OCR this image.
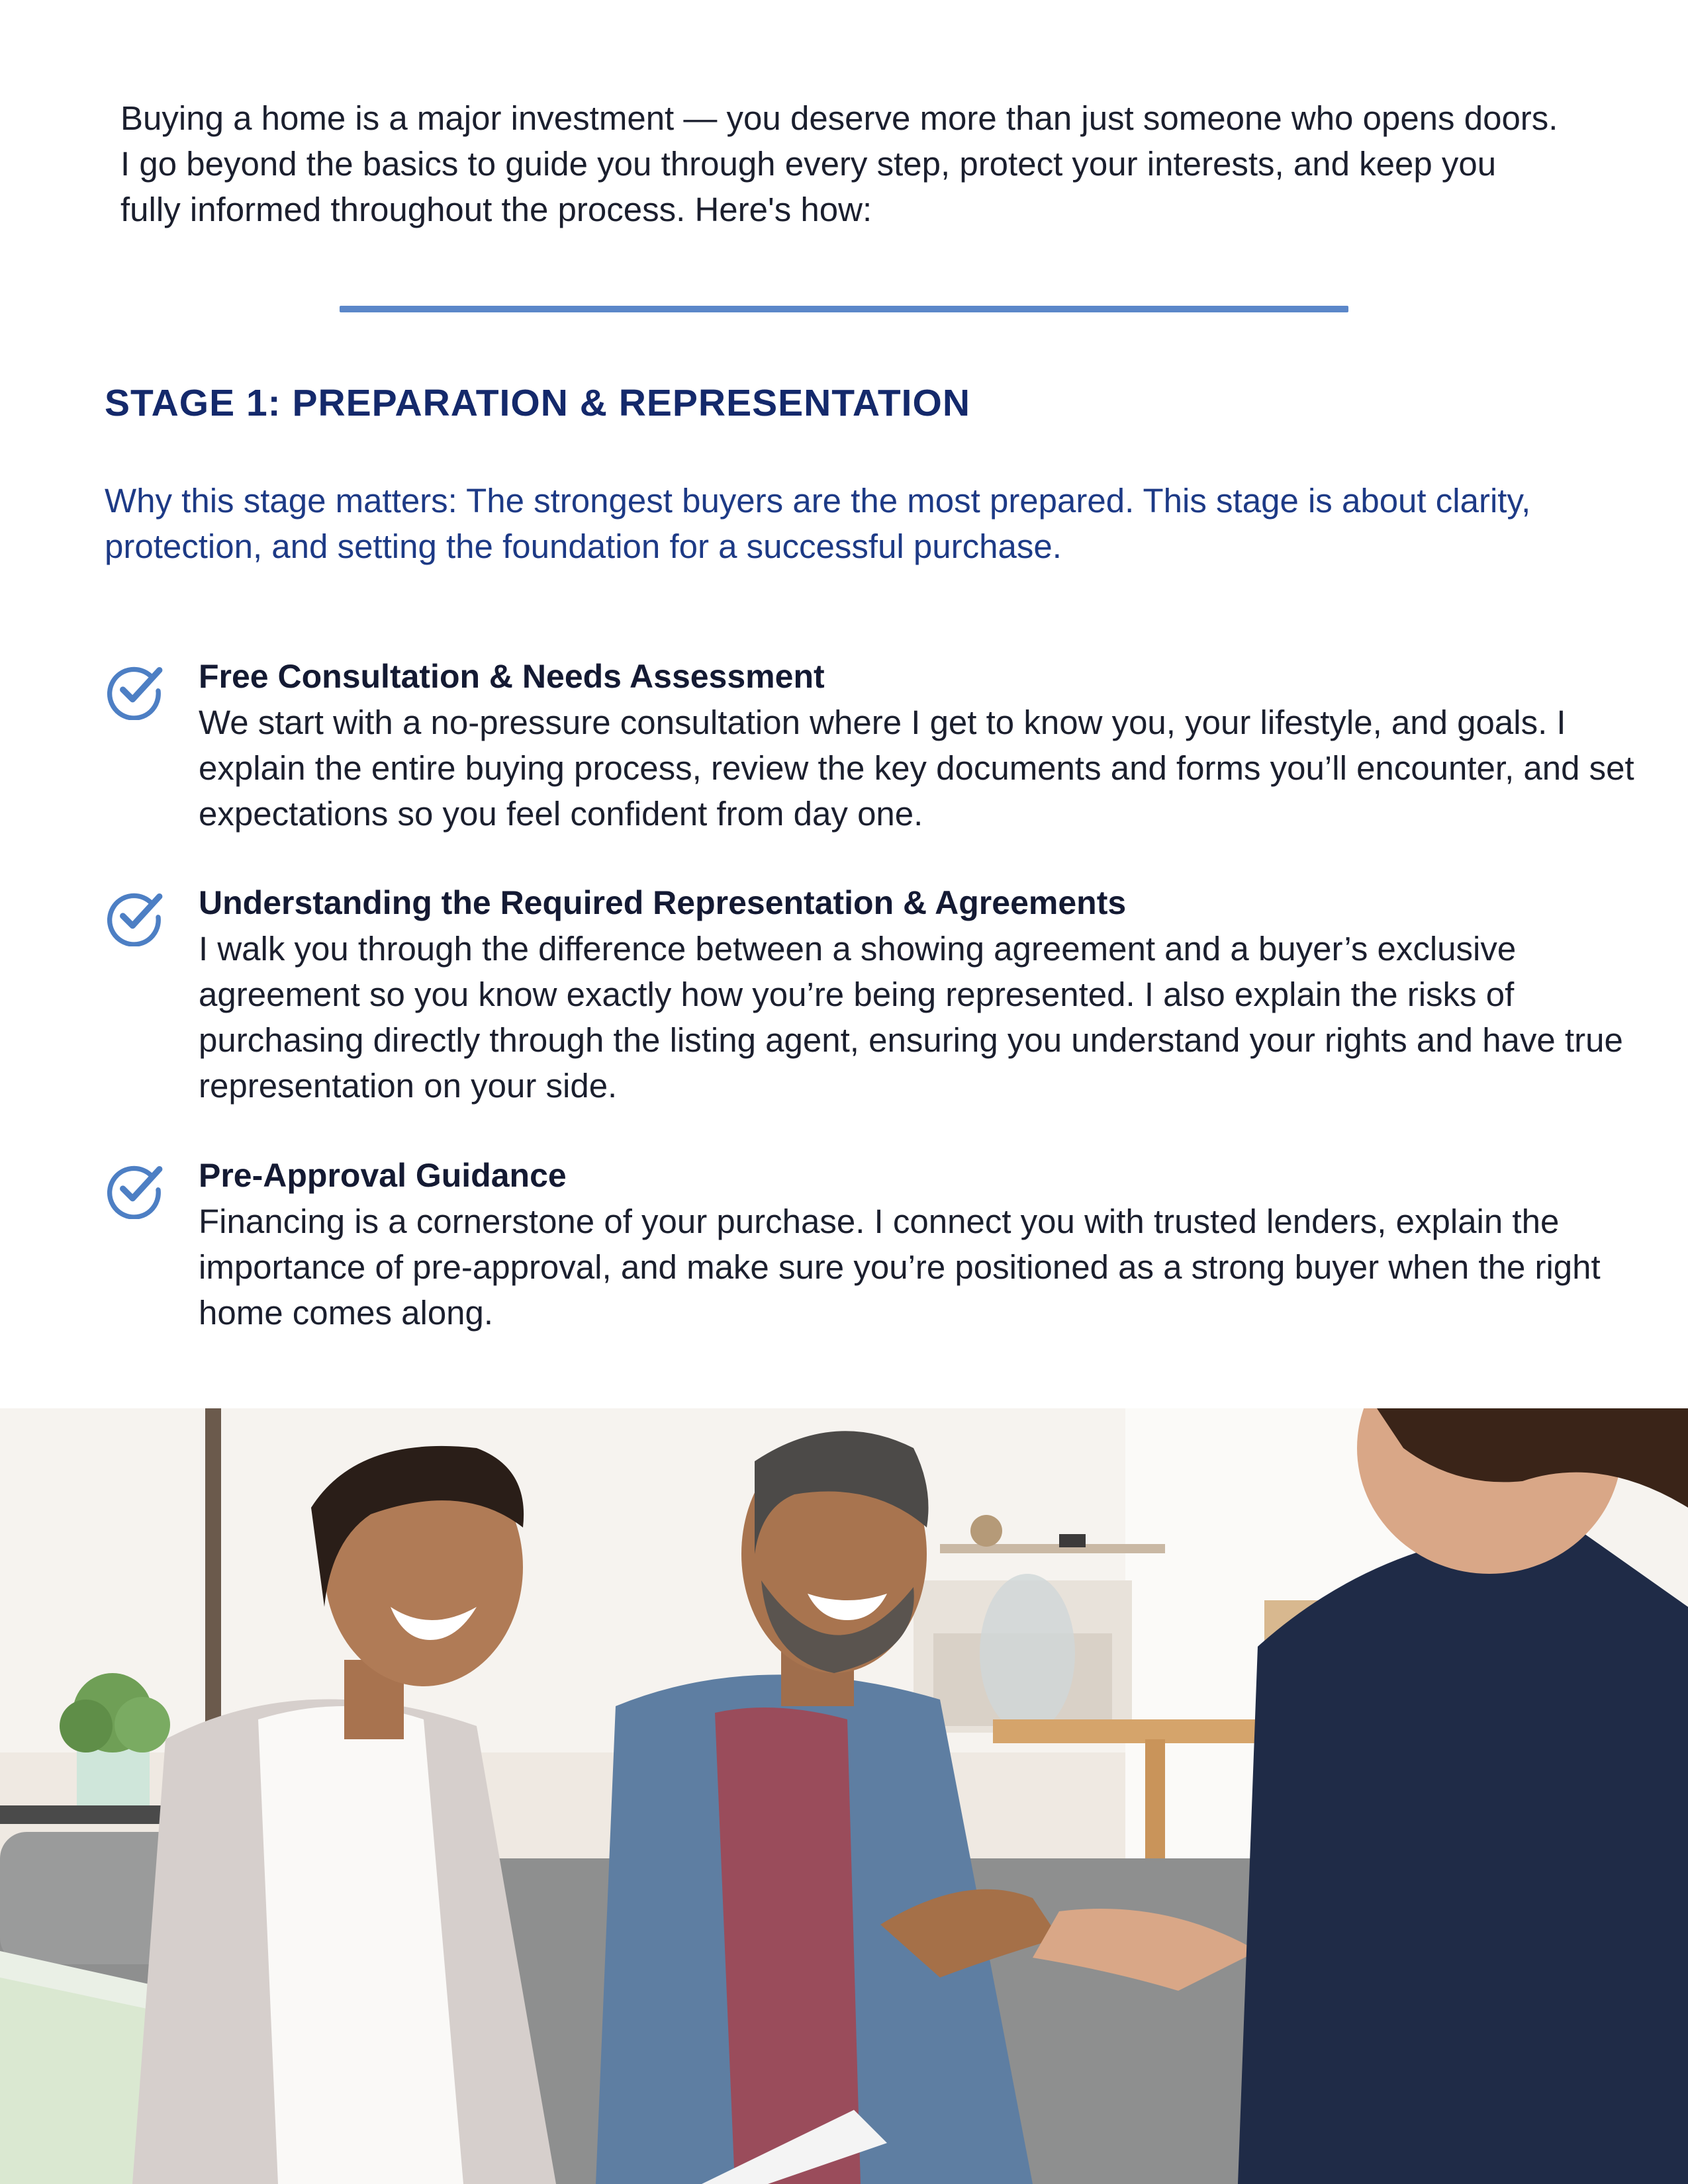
Buying a home is a major investment — you deserve more than just someone who opens doors. I go beyond the basics to guide you through every step, protect your interests, and keep you fully informed throughout the process. Here's how:

STAGE 1: PREPARATION & REPRESENTATION

Why this stage matters: The strongest buyers are the most prepared. This stage is about clarity, protection, and setting the foundation for a successful purchase.

Free Consultation & Needs Assessment

We start with a no-pressure consultation where I get to know you, your lifestyle, and goals. I explain the entire buying process, review the key documents and forms you’ll encounter, and set expectations so you feel confident from day one.

Understanding the Required Representation & Agreements

I walk you through the difference between a showing agreement and a buyer’s exclusive agreement so you know exactly how you’re being represented. I also explain the risks of purchasing directly through the listing agent, ensuring you understand your rights and have true representation on your side.

Pre-Approval Guidance

Financing is a cornerstone of your purchase. I connect you with trusted lenders, explain the importance of pre-approval, and make sure you’re positioned as a strong buyer when the right home comes along.
